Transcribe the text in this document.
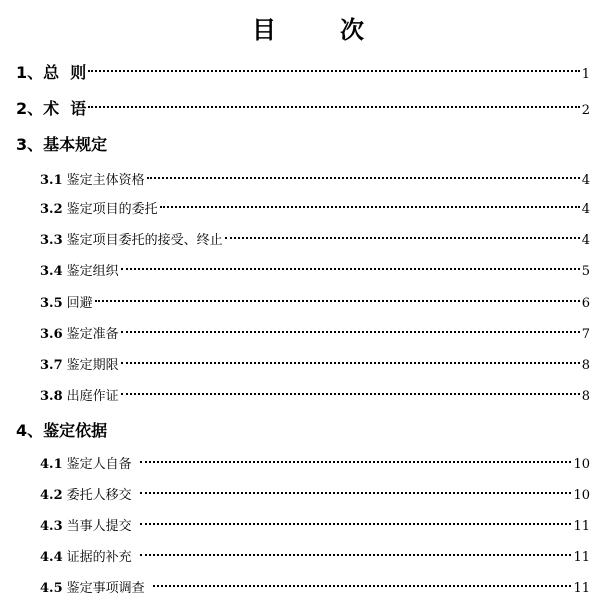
目	次
1、 总  则	1
2、 术  语	2
3、 基本规定
3.1 鉴定主体资格	4
3.2 鉴定项目的委托	4
3.3 鉴定项目委托的接受、终止	4
3.4 鉴定组织	5
3.5 回避	6
3.6 鉴定准备	7
3.7 鉴定期限	8
3.8 出庭作证	8
4、 鉴定依据
4.1 鉴定人自备	10
4.2 委托人移交	10
4.3 当事人提交	11
4.4 证据的补充	11
4.5 鉴定事项调查	11
